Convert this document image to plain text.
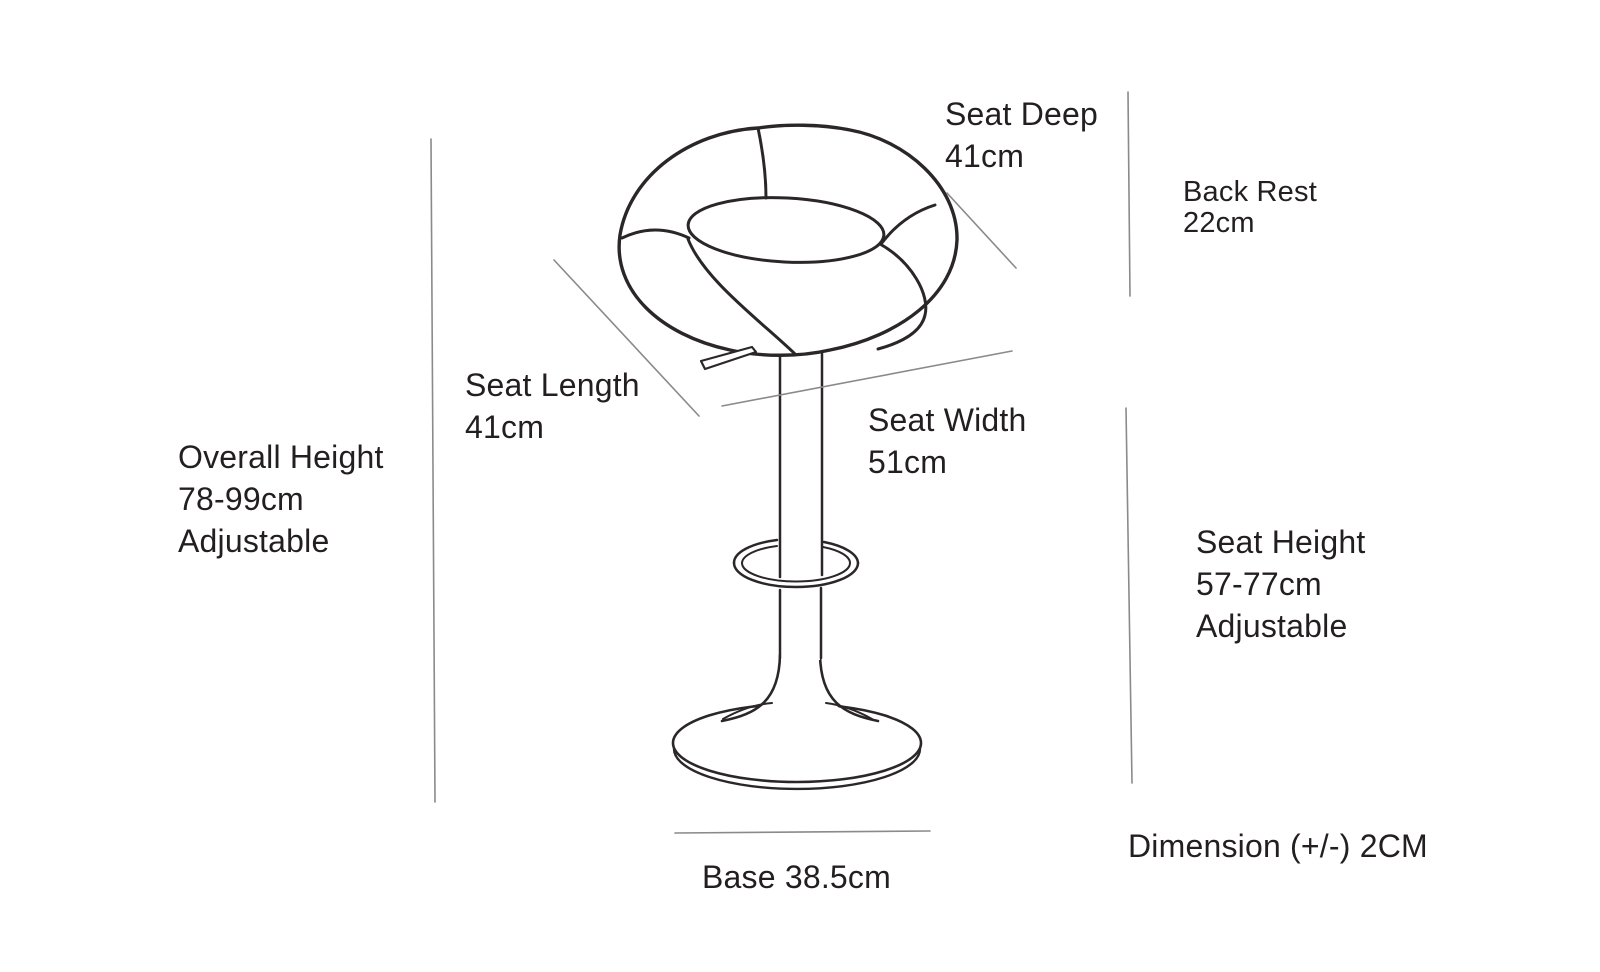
Seat Deep
41cm
Back Rest
22cm
Seat Length
41cm	Seat Width
51cm
Overall Height
78-99cm
Adjustable	Seat Height
57-77cm
Adjustable
Base 38.5cm
Dimension (+/-) 2CM
